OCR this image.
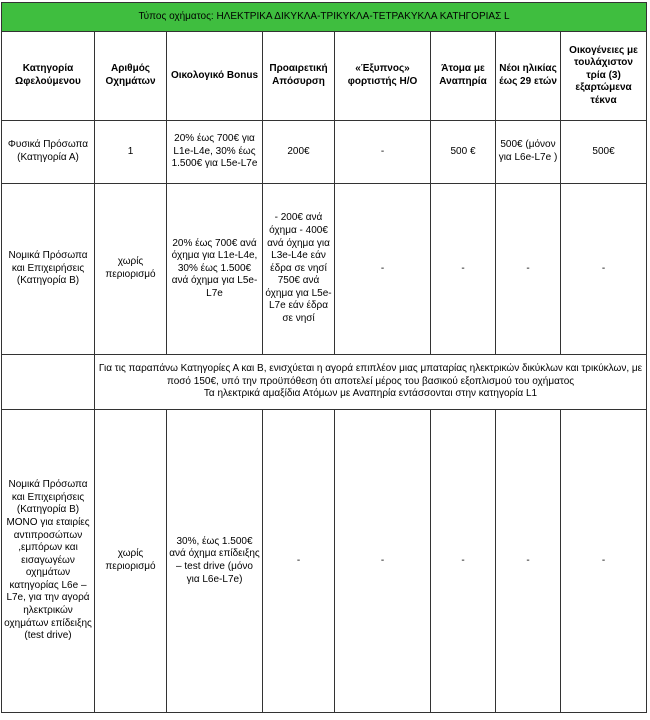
Τύπος οχήματος: ΗΛΕΚΤΡΙΚΑ ΔΙΚΥΚΛΑ-ΤΡΙΚΥΚΛΑ-ΤΕΤΡΑΚΥΚΛΑ ΚΑΤΗΓΟΡΙΑΣ L							
Κατηγορία Ωφελούμενου	Αριθμός Οχημάτων	Οικολογικό Bonus	Προαιρετική Απόσυρση	«Έξυπνος» φορτιστής Η/Ο	Άτομα με Αναπηρία	Νέοι ηλικίας έως 29 ετών	Οικογένειες με τουλάχιστον τρία (3) εξαρτώμενα τέκνα
Φυσικά Πρόσωπα (Κατηγορία Α)	1	20% έως 700€ για L1e-L4e, 30% έως 1.500€ για L5e-L7e	200€	-	500 €	500€ (μόνον για L6e-L7e )	500€
Νομικά Πρόσωπα και Επιχειρήσεις (Κατηγορία Β)	χωρίς περιορισμό	20% έως 700€ ανά όχημα για L1e-L4e, 30% έως 1.500€ ανά όχημα για L5e-L7e	- 200€ ανά όχημα - 400€ ανά όχημα για L3e-L4e εάν έδρα σε νησί 750€ ανά όχημα για L5e-L7e εάν έδρα σε νησί	-	-	-	-

	Για τις παραπάνω Κατηγορίες Α και Β, ενισχύεται η αγορά επιπλέον μιας μπαταρίας ηλεκτρικών δικύκλων και τρικύκλων, με ποσό 150€, υπό την προϋπόθεση ότι αποτελεί μέρος του βασικού εξοπλισμού του οχήματος
Τα ηλεκτρικά αμαξίδια Ατόμων με Αναπηρία εντάσσονται στην κατηγορία L1						

Νομικά Πρόσωπα και Επιχειρήσεις (Κατηγορία Β) ΜΟΝΟ για εταιρίες αντιπροσώπων ,εμπόρων και εισαγωγέων οχημάτων κατηγορίας L6e – L7e, για την αγορά ηλεκτρικών οχημάτων επίδειξης (test drive)	χωρίς περιορισμό	30%, έως 1.500€ ανά όχημα επίδειξης – test drive (μόνο για L6e-L7e)	-	-	-	-	-
